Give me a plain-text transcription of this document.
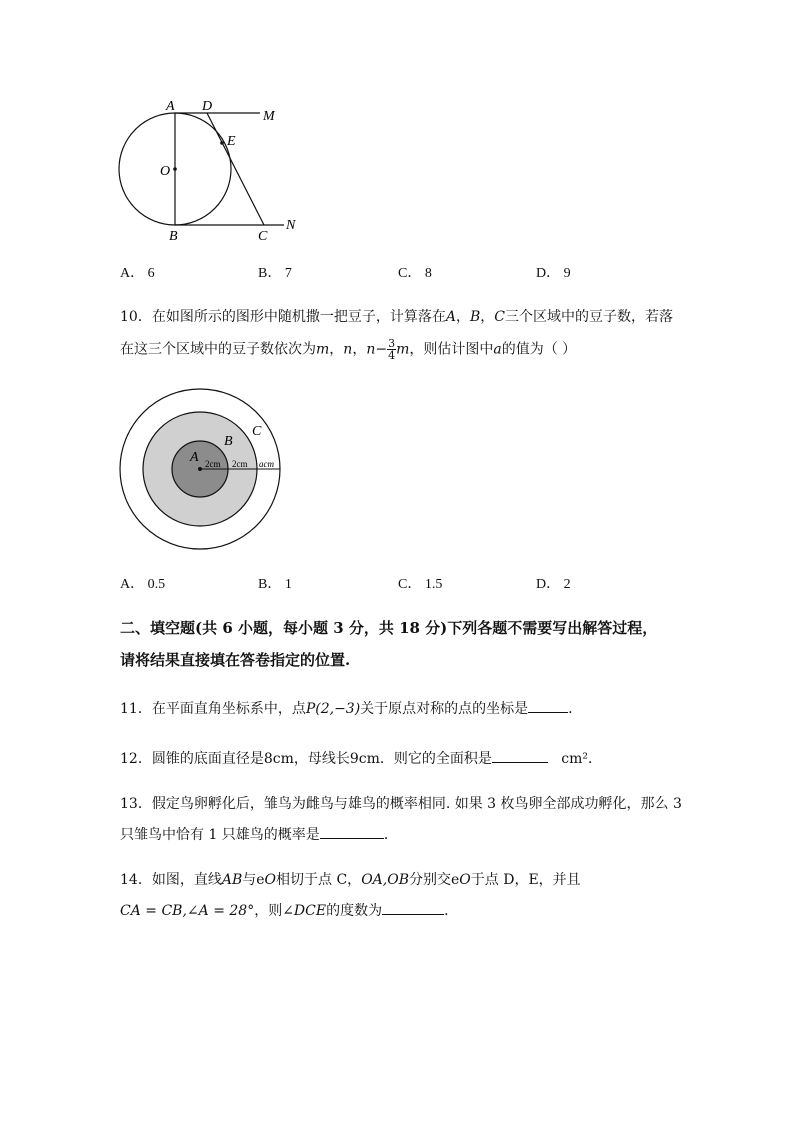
A D
M
E
O
B	C
N
A． 6	B． 7	C． 8	D． 9
10．在如图所示的图形中随机撒一把豆子，计算落在A，B，C三个区域中的豆子数，若落
在这三个区域中的豆子数依次为m，n，$n- \frac{3}{4}$ m，则估计图中a的值为（ ）
A
B
C
2cm 2cm acm
A． 0.5	B． 1	C． 1.5	D． 2
二、填空题(共 6 小题，每小题 3 分，共 18 分)下列各题不需要写出解答过程，
请将结果直接填在答卷指定的位置.
11．在平面直角坐标系中，点P(2,−3)关于原点对称的点的坐标是	．
12．圆锥的底面直径是8cm，母线长9cm．则它的全面积是	cm²．
13．假定鸟卵孵化后，雏鸟为雌鸟与雄鸟的概率相同. 如果 3 枚鸟卵全部成功孵化，那么 3
只雏鸟中恰有 1 只雄鸟的概率是	．
14．如图，直线AB与eO相切于点 C，OA,OB分别交eO于点 D，E，并且
CA = CB,∠A = 28°，则∠DCE的度数为	．
